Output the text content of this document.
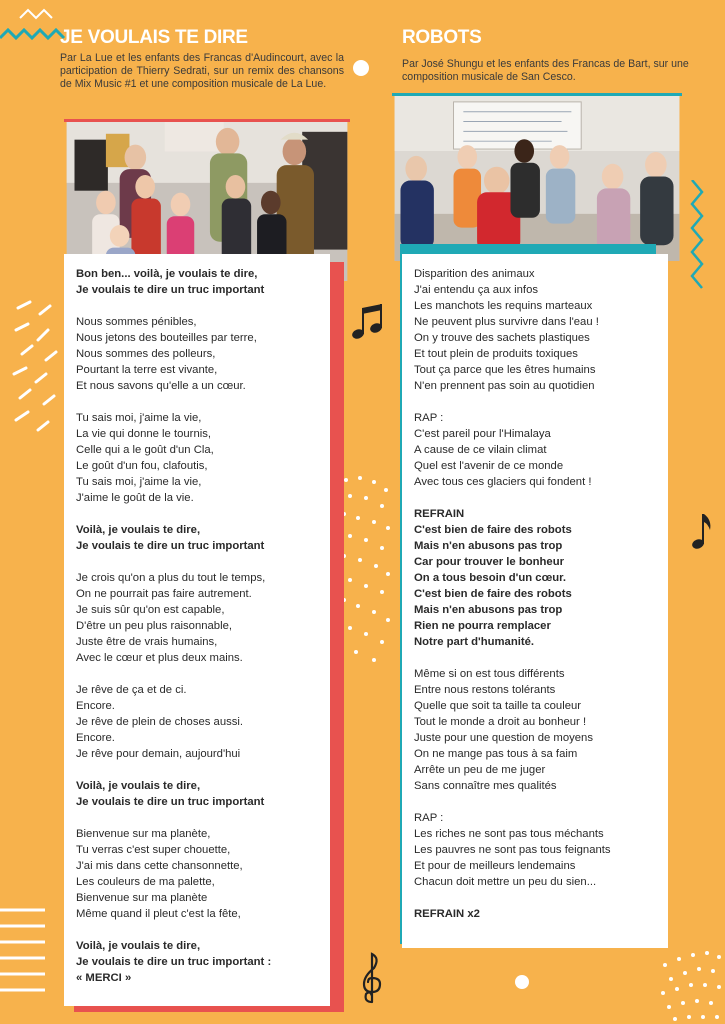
JE VOULAIS TE DIRE
Par La Lue et les enfants des Francas d'Audincourt, avec la participation de Thierry Sedrati, sur un remix des chansons de Mix Music #1 et une composition musicale de La Lue.
Bon ben... voilà, je voulais te dire,
Je voulais te dire un truc important
Nous sommes pénibles,
Nous jetons des bouteilles par terre,
Nous sommes des polleurs,
Pourtant la terre est vivante,
Et nous savons qu'elle a un cœur.
Tu sais moi, j'aime la vie,
La vie qui donne le tournis,
Celle qui a le goût d'un Cla,
Le goût d'un fou, clafoutis,
Tu sais moi, j'aime la vie,
J'aime le goût de la vie.
Voilà, je voulais te dire,
Je voulais te dire un truc important
Je crois qu'on a plus du tout le temps,
On ne pourrait pas faire autrement.
Je suis sûr qu'on est capable,
D'être un peu plus raisonnable,
Juste être de vrais humains,
Avec le cœur et plus deux mains.
Je rêve de ça et de ci.
Encore.
Je rêve de plein de choses aussi.
Encore.
Je rêve pour demain, aujourd'hui
Voilà, je voulais te dire,
Je voulais te dire un truc important
Bienvenue sur ma planète,
Tu verras c'est super chouette,
J'ai mis dans cette chansonnette,
Les couleurs de ma palette,
Bienvenue sur ma planète
Même quand il pleut c'est la fête,
Voilà, je voulais te dire,
Je voulais te dire un truc important :
« MERCI »
ROBOTS
Par José Shungu et les enfants des Francas de Bart, sur une composition musicale de San Cesco.
Disparition des animaux
J'ai entendu ça aux infos
Les manchots les requins marteaux
Ne peuvent plus survivre dans l'eau !
On y trouve des sachets plastiques
Et tout plein de produits toxiques
Tout ça parce que les êtres humains
N'en prennent pas soin au quotidien
RAP :
C'est pareil pour l'Himalaya
A cause de ce vilain climat
Quel est l'avenir de ce monde
Avec tous ces glaciers qui fondent !
REFRAIN
C'est bien de faire des robots
Mais n'en abusons pas trop
Car pour trouver le bonheur
On a tous besoin d'un cœur.
C'est bien de faire des robots
Mais n'en abusons pas trop
Rien ne pourra remplacer
Notre part d'humanité.
Même si on est tous différents
Entre nous restons tolérants
Quelle que soit ta taille ta couleur
Tout le monde a droit au bonheur !
Juste pour une question de moyens
On ne mange pas tous à sa faim
Arrête un peu de me juger
Sans connaître mes qualités
RAP :
Les riches ne sont pas tous méchants
Les pauvres ne sont pas tous feignants
Et pour de meilleurs lendemains
Chacun doit mettre un peu du sien...
REFRAIN x2
